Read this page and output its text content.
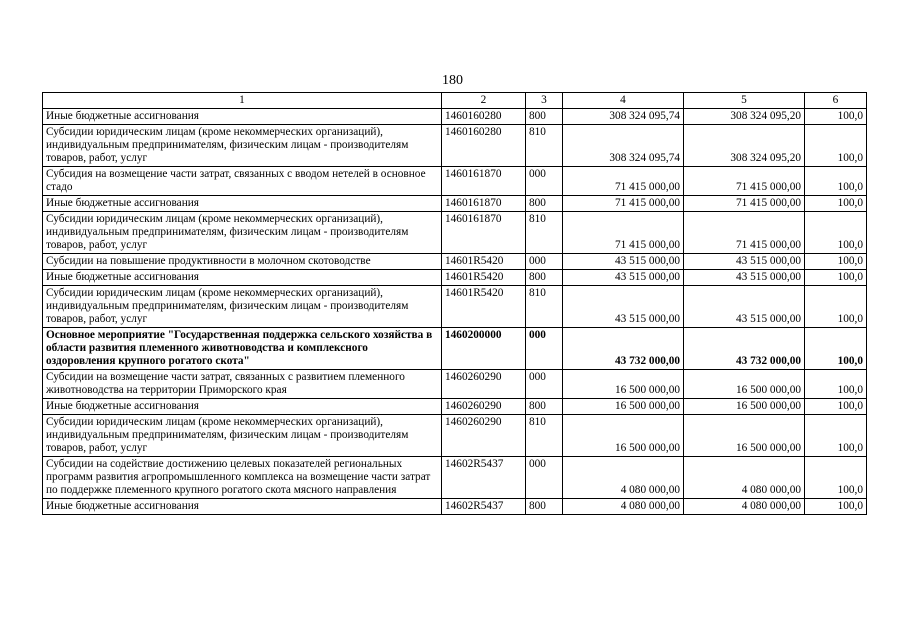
180
1	2	3	4	5	6
Иные бюджетные ассигнования	1460160280	800	308 324 095,74	308 324 095,20	100,0
Субсидии юридическим лицам (кроме некоммерческих организаций), индивидуальным предпринимателям, физическим лицам - производителям товаров, работ, услуг	1460160280	810	308 324 095,74	308 324 095,20	100,0
Субсидия на возмещение части затрат, связанных с вводом нетелей в основное стадо	1460161870	000	71 415 000,00	71 415 000,00	100,0
Иные бюджетные ассигнования	1460161870	800	71 415 000,00	71 415 000,00	100,0
Субсидии юридическим лицам (кроме некоммерческих организаций), индивидуальным предпринимателям, физическим лицам - производителям товаров, работ, услуг	1460161870	810	71 415 000,00	71 415 000,00	100,0
Субсидии на повышение продуктивности в молочном скотоводстве	14601R5420	000	43 515 000,00	43 515 000,00	100,0
Иные бюджетные ассигнования	14601R5420	800	43 515 000,00	43 515 000,00	100,0
Субсидии юридическим лицам (кроме некоммерческих организаций), индивидуальным предпринимателям, физическим лицам - производителям товаров, работ, услуг	14601R5420	810	43 515 000,00	43 515 000,00	100,0
Основное мероприятие "Государственная поддержка сельского хозяйства в области развития племенного животноводства и комплексного оздоровления крупного рогатого скота"	1460200000	000	43 732 000,00	43 732 000,00	100,0
Субсидии на возмещение части затрат, связанных с развитием племенного животноводства на территории Приморского края	1460260290	000	16 500 000,00	16 500 000,00	100,0
Иные бюджетные ассигнования	1460260290	800	16 500 000,00	16 500 000,00	100,0
Субсидии юридическим лицам (кроме некоммерческих организаций), индивидуальным предпринимателям, физическим лицам - производителям товаров, работ, услуг	1460260290	810	16 500 000,00	16 500 000,00	100,0
Субсидии на содействие достижению целевых показателей региональных программ развития агропромышленного комплекса на возмещение части затрат по поддержке племенного крупного рогатого скота мясного направления	14602R5437	000	4 080 000,00	4 080 000,00	100,0
Иные бюджетные ассигнования	14602R5437	800	4 080 000,00	4 080 000,00	100,0
